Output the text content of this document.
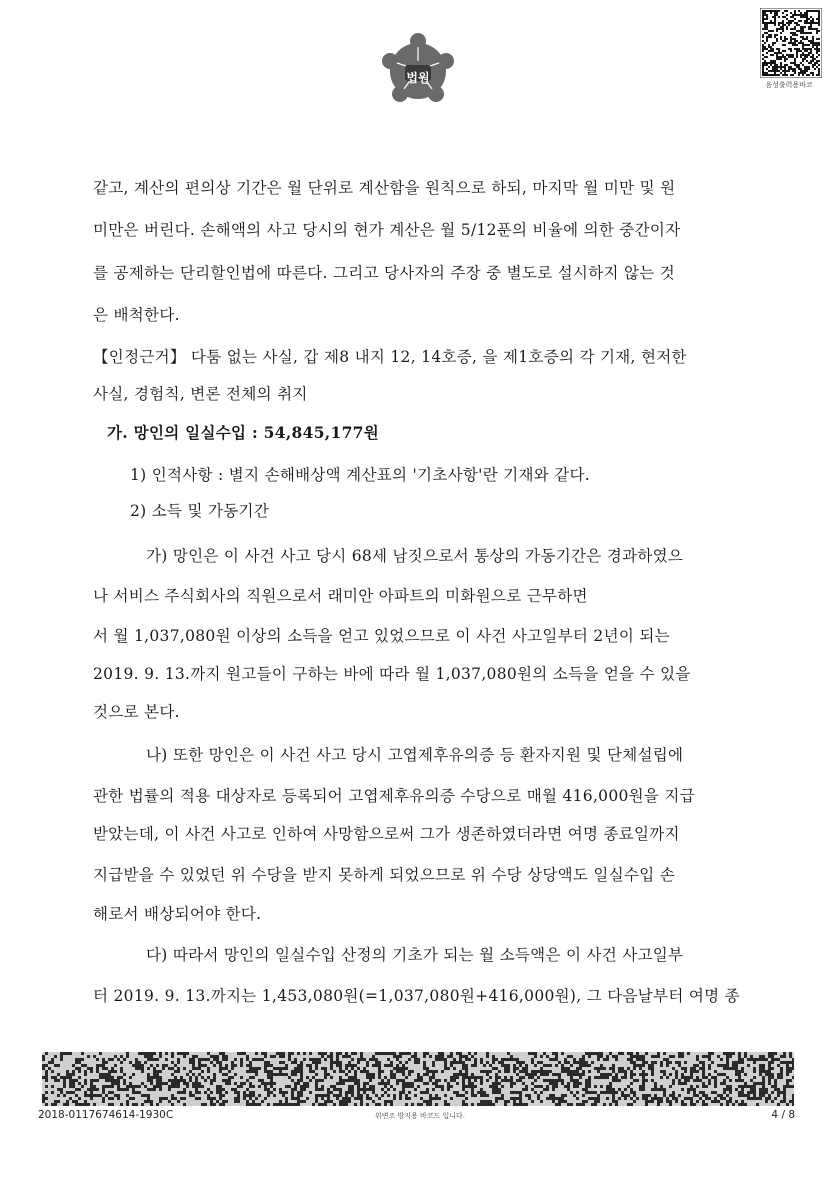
법원	음성출력용바코
같고, 계산의 편의상 기간은 월 단위로 계산함을 원칙으로 하되, 마지막 월 미만 및 원
미만은 버린다. 손해액의 사고 당시의 현가 계산은 월 5/12푼의 비율에 의한 중간이자
를 공제하는 단리할인법에 따른다. 그리고 당사자의 주장 중 별도로 설시하지 않는 것
은 배척한다.
【인정근거】 다툼 없는 사실, 갑 제8 내지 12, 14호증, 을 제1호증의 각 기재, 현저한
사실, 경험칙, 변론 전체의 취지
가. 망인의 일실수입 : 54,845,177원
1) 인적사항 : 별지 손해배상액 계산표의 '기초사항'란 기재와 같다.
2) 소득 및 가동기간
가) 망인은 이 사건 사고 당시 68세 남짓으로서 통상의 가동기간은 경과하였으
나 서비스 주식회사의 직원으로서 래미안 아파트의 미화원으로 근무하면
서 월 1,037,080원 이상의 소득을 얻고 있었으므로 이 사건 사고일부터 2년이 되는
2019. 9. 13.까지 원고들이 구하는 바에 따라 월 1,037,080원의 소득을 얻을 수 있을
것으로 본다.
나) 또한 망인은 이 사건 사고 당시 고엽제후유의증 등 환자지원 및 단체설립에
관한 법률의 적용 대상자로 등록되어 고엽제후유의증 수당으로 매월 416,000원을 지급
받았는데, 이 사건 사고로 인하여 사망함으로써 그가 생존하였더라면 여명 종료일까지
지급받을 수 있었던 위 수당을 받지 못하게 되었으므로 위 수당 상당액도 일실수입 손
해로서 배상되어야 한다.
다) 따라서 망인의 일실수입 산정의 기초가 되는 월 소득액은 이 사건 사고일부
터 2019. 9. 13.까지는 1,453,080원(=1,037,080원+416,000원), 그 다음날부터 여명 종
2018-0117674614-1930C	위변조 방지용 바코드 입니다.	4 / 8
